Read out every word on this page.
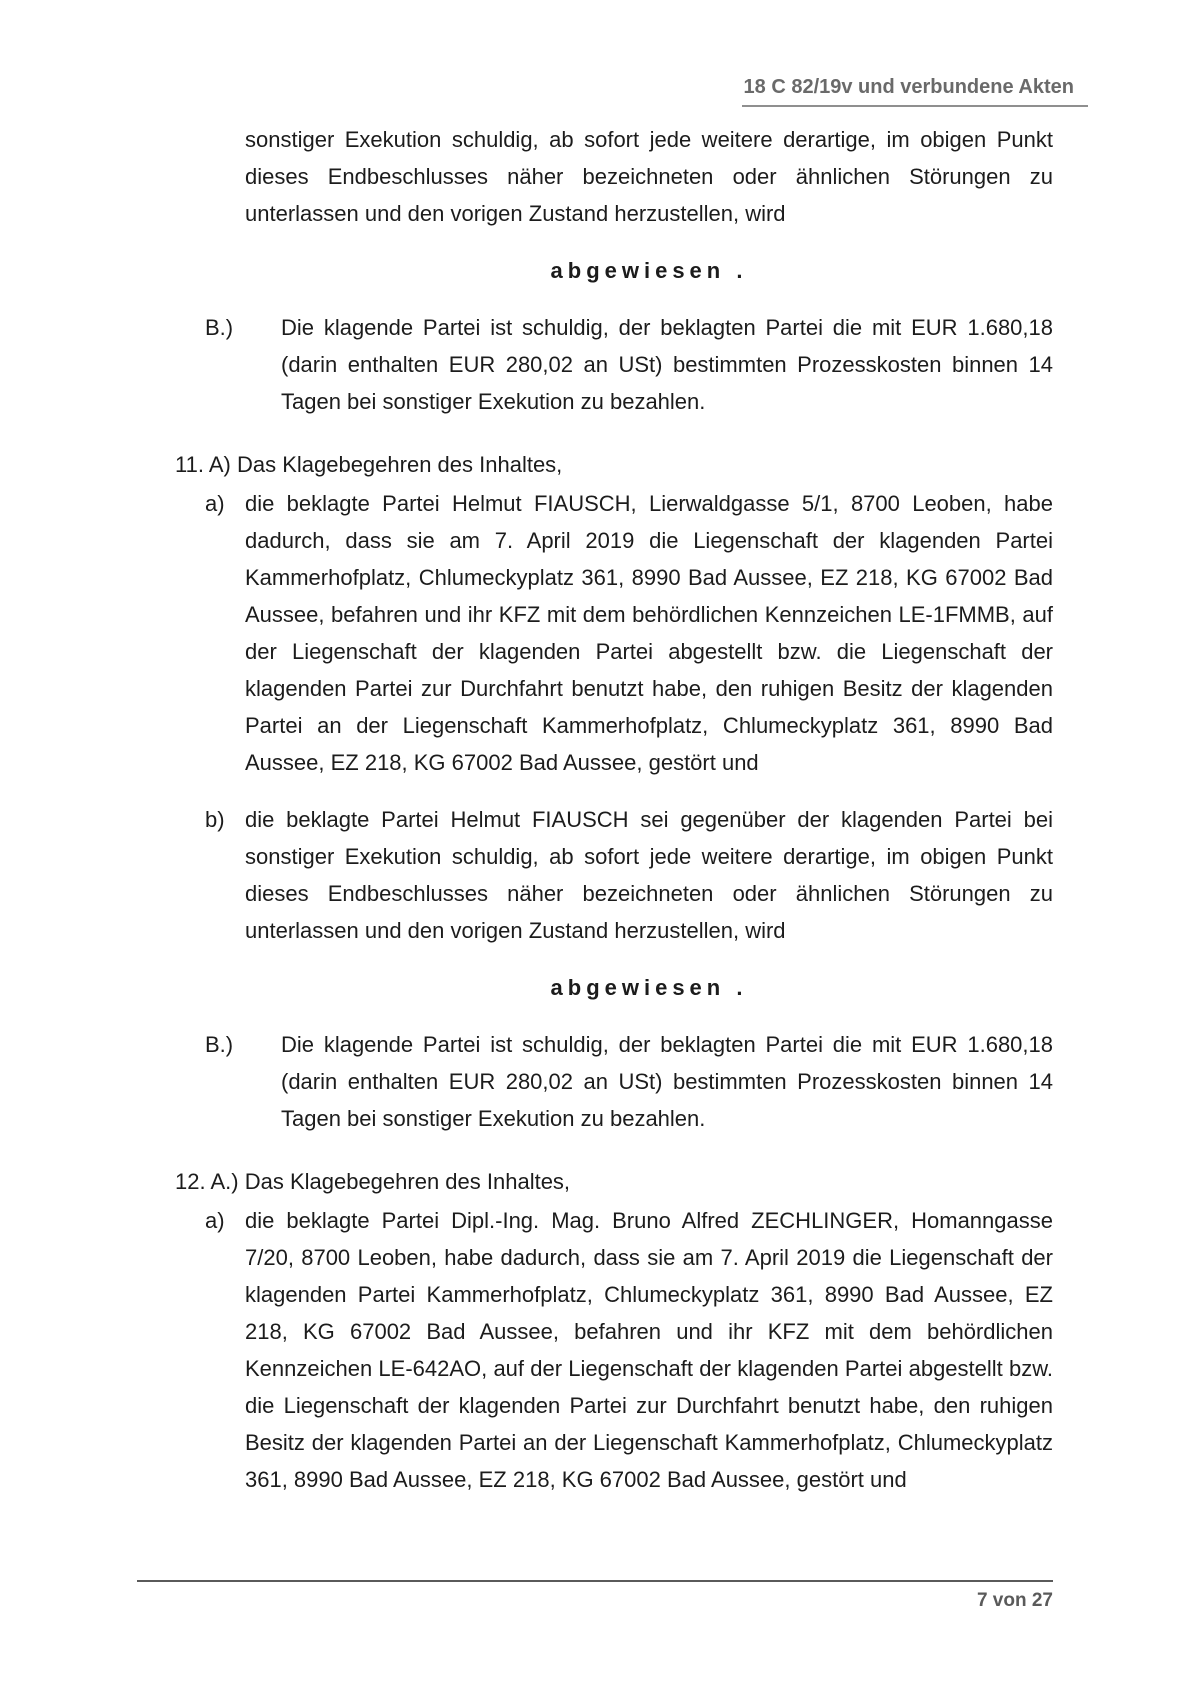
18 C 82/19v und verbundene Akten

sonstiger Exekution schuldig, ab sofort jede weitere derartige, im obigen Punkt dieses Endbeschlusses näher bezeichneten oder ähnlichen Störungen zu unterlassen und den vorigen Zustand herzustellen, wird

abgewiesen .

B.)	Die klagende Partei ist schuldig, der beklagten Partei die mit EUR 1.680,18 (darin enthalten EUR 280,02 an USt) bestimmten Prozesskosten binnen 14 Tagen bei sonstiger Exekution zu bezahlen.

11. A) Das Klagebegehren des Inhaltes,

a) die beklagte Partei Helmut FIAUSCH, Lierwaldgasse 5/1, 8700 Leoben, habe dadurch, dass sie am 7. April 2019 die Liegenschaft der klagenden Partei Kammerhofplatz, Chlumeckyplatz 361, 8990 Bad Aussee, EZ 218, KG 67002 Bad Aussee, befahren und ihr KFZ mit dem behördlichen Kennzeichen LE-1FMMB, auf der Liegenschaft der klagenden Partei abgestellt bzw. die Liegenschaft der klagenden Partei zur Durchfahrt benutzt habe, den ruhigen Besitz der klagenden Partei an der Liegenschaft Kammerhofplatz, Chlumeckyplatz 361, 8990 Bad Aussee, EZ 218, KG 67002 Bad Aussee, gestört und
b) die beklagte Partei Helmut FIAUSCH sei gegenüber der klagenden Partei bei sonstiger Exekution schuldig, ab sofort jede weitere derartige, im obigen Punkt dieses Endbeschlusses näher bezeichneten oder ähnlichen Störungen zu unterlassen und den vorigen Zustand herzustellen, wird

abgewiesen .

B.)	Die klagende Partei ist schuldig, der beklagten Partei die mit EUR 1.680,18 (darin enthalten EUR 280,02 an USt) bestimmten Prozesskosten binnen 14 Tagen bei sonstiger Exekution zu bezahlen.

12. A.) Das Klagebegehren des Inhaltes,

a) die beklagte Partei Dipl.-Ing. Mag. Bruno Alfred ZECHLINGER, Homanngasse 7/20, 8700 Leoben, habe dadurch, dass sie am 7. April 2019 die Liegenschaft der klagenden Partei Kammerhofplatz, Chlumeckyplatz 361, 8990 Bad Aussee, EZ 218, KG 67002 Bad Aussee, befahren und ihr KFZ mit dem behördlichen Kennzeichen LE-642AO, auf der Liegenschaft der klagenden Partei abgestellt bzw. die Liegenschaft der klagenden Partei zur Durchfahrt benutzt habe, den ruhigen Besitz der klagenden Partei an der Liegenschaft Kammerhofplatz, Chlumeckyplatz 361, 8990 Bad Aussee, EZ 218, KG 67002 Bad Aussee, gestört und
7 von 27
